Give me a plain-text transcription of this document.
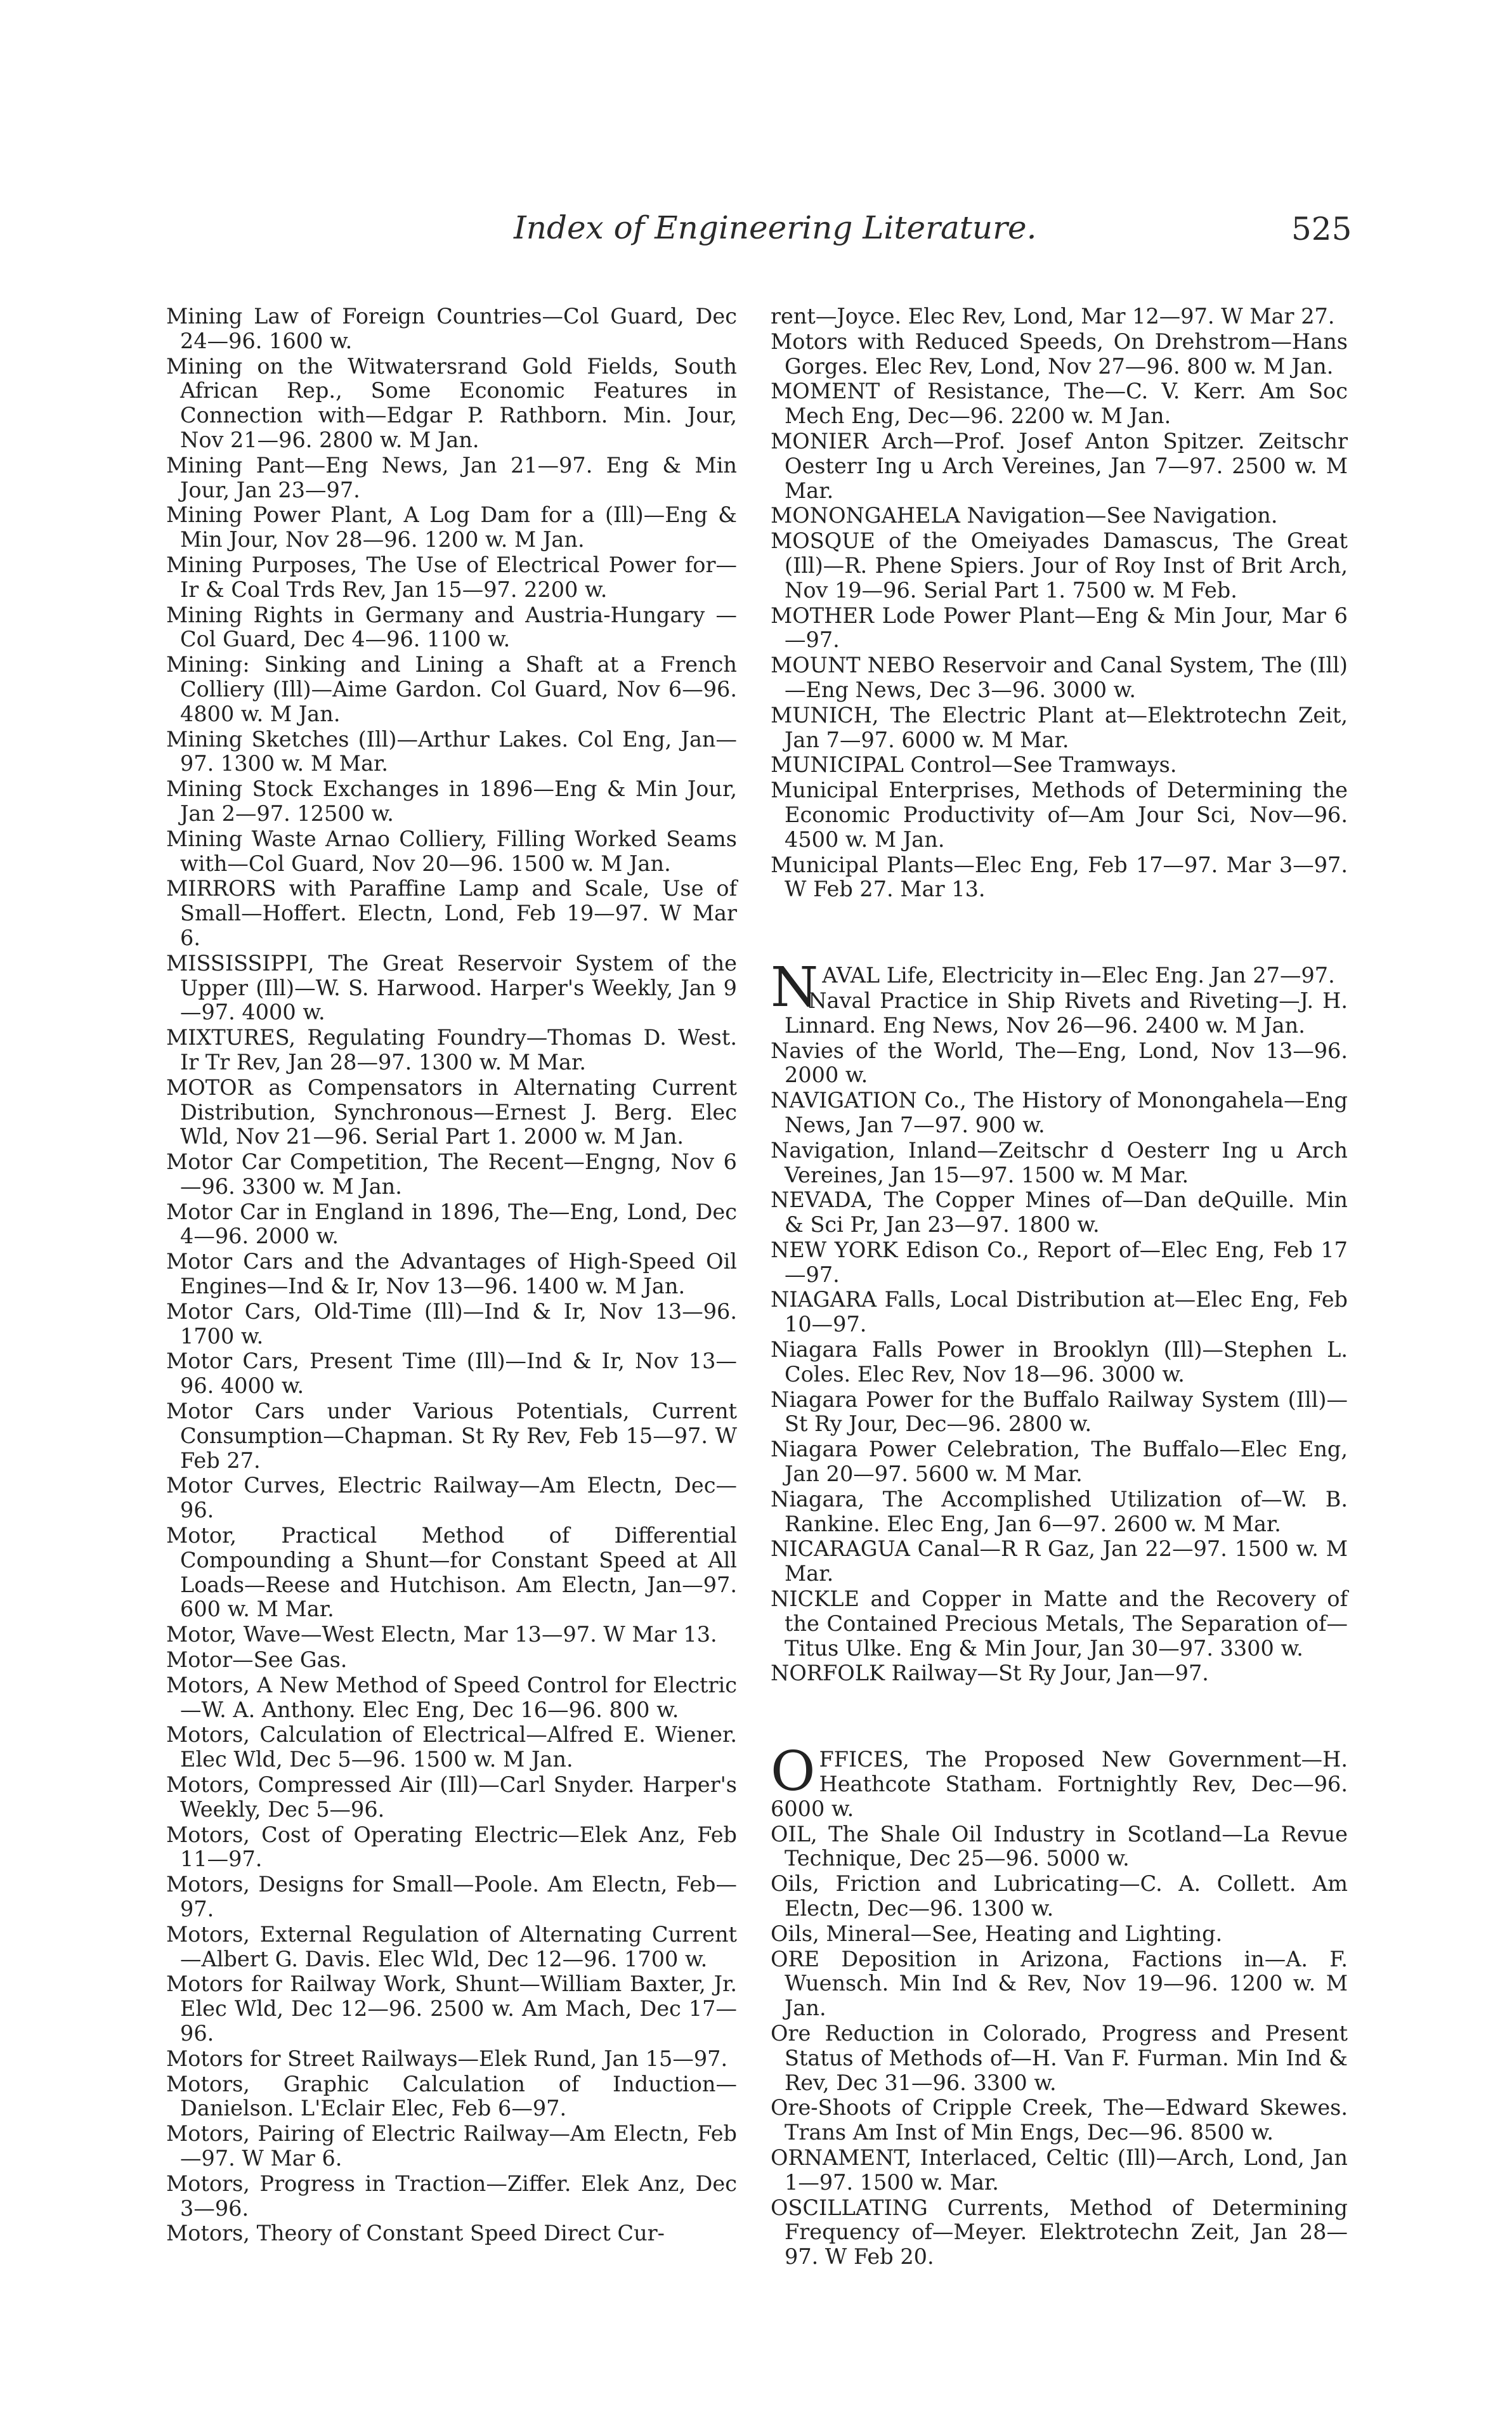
Index of Engineering Literature.	525

Mining Law of Foreign Countries—Col Guard, Dec 24—96. 1600 w.

Mining on the Witwatersrand Gold Fields, South African Rep., Some Economic Features in Connection with—Edgar P. Rathborn. Min. Jour, Nov 21—96. 2800 w. M Jan.

Mining Pant—Eng News, Jan 21—97. Eng & Min Jour, Jan 23—97.

Mining Power Plant, A Log Dam for a (Ill)—Eng & Min Jour, Nov 28—96. 1200 w. M Jan.

Mining Purposes, The Use of Electrical Power for—Ir & Coal Trds Rev, Jan 15—97. 2200 w.

Mining Rights in Germany and Austria-Hungary —Col Guard, Dec 4—96. 1100 w.

Mining: Sinking and Lining a Shaft at a French Colliery (Ill)—Aime Gardon. Col Guard, Nov 6—96. 4800 w. M Jan.

Mining Sketches (Ill)—Arthur Lakes. Col Eng, Jan—97. 1300 w. M Mar.

Mining Stock Exchanges in 1896—Eng & Min Jour, Jan 2—97. 12500 w.

Mining Waste Arnao Colliery, Filling Worked Seams with—Col Guard, Nov 20—96. 1500 w. M Jan.

MIRRORS with Paraffine Lamp and Scale, Use of Small—Hoffert. Electn, Lond, Feb 19—97. W Mar 6.

MISSISSIPPI, The Great Reservoir System of the Upper (Ill)—W. S. Harwood. Harper's Weekly, Jan 9—97. 4000 w.

MIXTURES, Regulating Foundry—Thomas D. West. Ir Tr Rev, Jan 28—97. 1300 w. M Mar.

MOTOR as Compensators in Alternating Current Distribution, Synchronous—Ernest J. Berg. Elec Wld, Nov 21—96. Serial Part 1. 2000 w. M Jan.

Motor Car Competition, The Recent—Engng, Nov 6—96. 3300 w. M Jan.

Motor Car in England in 1896, The—Eng, Lond, Dec 4—96. 2000 w.

Motor Cars and the Advantages of High-Speed Oil Engines—Ind & Ir, Nov 13—96. 1400 w. M Jan.

Motor Cars, Old-Time (Ill)—Ind & Ir, Nov 13—96. 1700 w.

Motor Cars, Present Time (Ill)—Ind & Ir, Nov 13—96. 4000 w.

Motor Cars under Various Potentials, Current Consumption—Chapman. St Ry Rev, Feb 15—97. W Feb 27.

Motor Curves, Electric Railway—Am Electn, Dec—96.

Motor, Practical Method of Differential Compounding a Shunt—for Constant Speed at All Loads—Reese and Hutchison. Am Electn, Jan—97. 600 w. M Mar.

Motor, Wave—West Electn, Mar 13—97. W Mar 13.

Motor—See Gas.

Motors, A New Method of Speed Control for Electric—W. A. Anthony. Elec Eng, Dec 16—96. 800 w.

Motors, Calculation of Electrical—Alfred E. Wiener. Elec Wld, Dec 5—96. 1500 w. M Jan.

Motors, Compressed Air (Ill)—Carl Snyder. Harper's Weekly, Dec 5—96.

Motors, Cost of Operating Electric—Elek Anz, Feb 11—97.

Motors, Designs for Small—Poole. Am Electn, Feb—97.

Motors, External Regulation of Alternating Current—Albert G. Davis. Elec Wld, Dec 12—96. 1700 w.

Motors for Railway Work, Shunt—William Baxter, Jr. Elec Wld, Dec 12—96. 2500 w. Am Mach, Dec 17—96.

Motors for Street Railways—Elek Rund, Jan 15—97.

Motors, Graphic Calculation of Induction—Danielson. L'Eclair Elec, Feb 6—97.

Motors, Pairing of Electric Railway—Am Electn, Feb—97. W Mar 6.

Motors, Progress in Traction—Ziffer. Elek Anz, Dec 3—96.

Motors, Theory of Constant Speed Direct Cur-

rent—Joyce. Elec Rev, Lond, Mar 12—97. W Mar 27.

Motors with Reduced Speeds, On Drehstrom—Hans Gorges. Elec Rev, Lond, Nov 27—96. 800 w. M Jan.

MOMENT of Resistance, The—C. V. Kerr. Am Soc Mech Eng, Dec—96. 2200 w. M Jan.

MONIER Arch—Prof. Josef Anton Spitzer. Zeitschr Oesterr Ing u Arch Vereines, Jan 7—97. 2500 w. M Mar.

MONONGAHELA Navigation—See Navigation.

MOSQUE of the Omeiyades Damascus, The Great (Ill)—R. Phene Spiers. Jour of Roy Inst of Brit Arch, Nov 19—96. Serial Part 1. 7500 w. M Feb.

MOTHER Lode Power Plant—Eng & Min Jour, Mar 6—97.

MOUNT NEBO Reservoir and Canal System, The (Ill)—Eng News, Dec 3—96. 3000 w.

MUNICH, The Electric Plant at—Elektrotechn Zeit, Jan 7—97. 6000 w. M Mar.

MUNICIPAL Control—See Tramways.

Municipal Enterprises, Methods of Determining the Economic Productivity of—Am Jour Sci, Nov—96. 4500 w. M Jan.

Municipal Plants—Elec Eng, Feb 17—97. Mar 3—97. W Feb 27. Mar 13.

NAVAL Life, Electricity in—Elec Eng. Jan 27—97.

Naval Practice in Ship Rivets and Riveting—J. H. Linnard. Eng News, Nov 26—96. 2400 w. M Jan.

Navies of the World, The—Eng, Lond, Nov 13—96. 2000 w.

NAVIGATION Co., The History of Monongahela—Eng News, Jan 7—97. 900 w.

Navigation, Inland—Zeitschr d Oesterr Ing u Arch Vereines, Jan 15—97. 1500 w. M Mar.

NEVADA, The Copper Mines of—Dan deQuille. Min & Sci Pr, Jan 23—97. 1800 w.

NEW YORK Edison Co., Report of—Elec Eng, Feb 17—97.

NIAGARA Falls, Local Distribution at—Elec Eng, Feb 10—97.

Niagara Falls Power in Brooklyn (Ill)—Stephen L. Coles. Elec Rev, Nov 18—96. 3000 w.

Niagara Power for the Buffalo Railway System (Ill)—St Ry Jour, Dec—96. 2800 w.

Niagara Power Celebration, The Buffalo—Elec Eng, Jan 20—97. 5600 w. M Mar.

Niagara, The Accomplished Utilization of—W. B. Rankine. Elec Eng, Jan 6—97. 2600 w. M Mar.

NICARAGUA Canal—R R Gaz, Jan 22—97. 1500 w. M Mar.

NICKLE and Copper in Matte and the Recovery of the Contained Precious Metals, The Separation of—Titus Ulke. Eng & Min Jour, Jan 30—97. 3300 w.

NORFOLK Railway—St Ry Jour, Jan—97.

OFFICES, The Proposed New Government—H. Heathcote Statham. Fortnightly Rev, Dec—96. 6000 w.

OIL, The Shale Oil Industry in Scotland—La Revue Technique, Dec 25—96. 5000 w.

Oils, Friction and Lubricating—C. A. Collett. Am Electn, Dec—96. 1300 w.

Oils, Mineral—See, Heating and Lighting.

ORE Deposition in Arizona, Factions in—A. F. Wuensch. Min Ind & Rev, Nov 19—96. 1200 w. M Jan.

Ore Reduction in Colorado, Progress and Present Status of Methods of—H. Van F. Furman. Min Ind & Rev, Dec 31—96. 3300 w.

Ore-Shoots of Cripple Creek, The—Edward Skewes. Trans Am Inst of Min Engs, Dec—96. 8500 w.

ORNAMENT, Interlaced, Celtic (Ill)—Arch, Lond, Jan 1—97. 1500 w. Mar.

OSCILLATING Currents, Method of Determining Frequency of—Meyer. Elektrotechn Zeit, Jan 28—97. W Feb 20.
